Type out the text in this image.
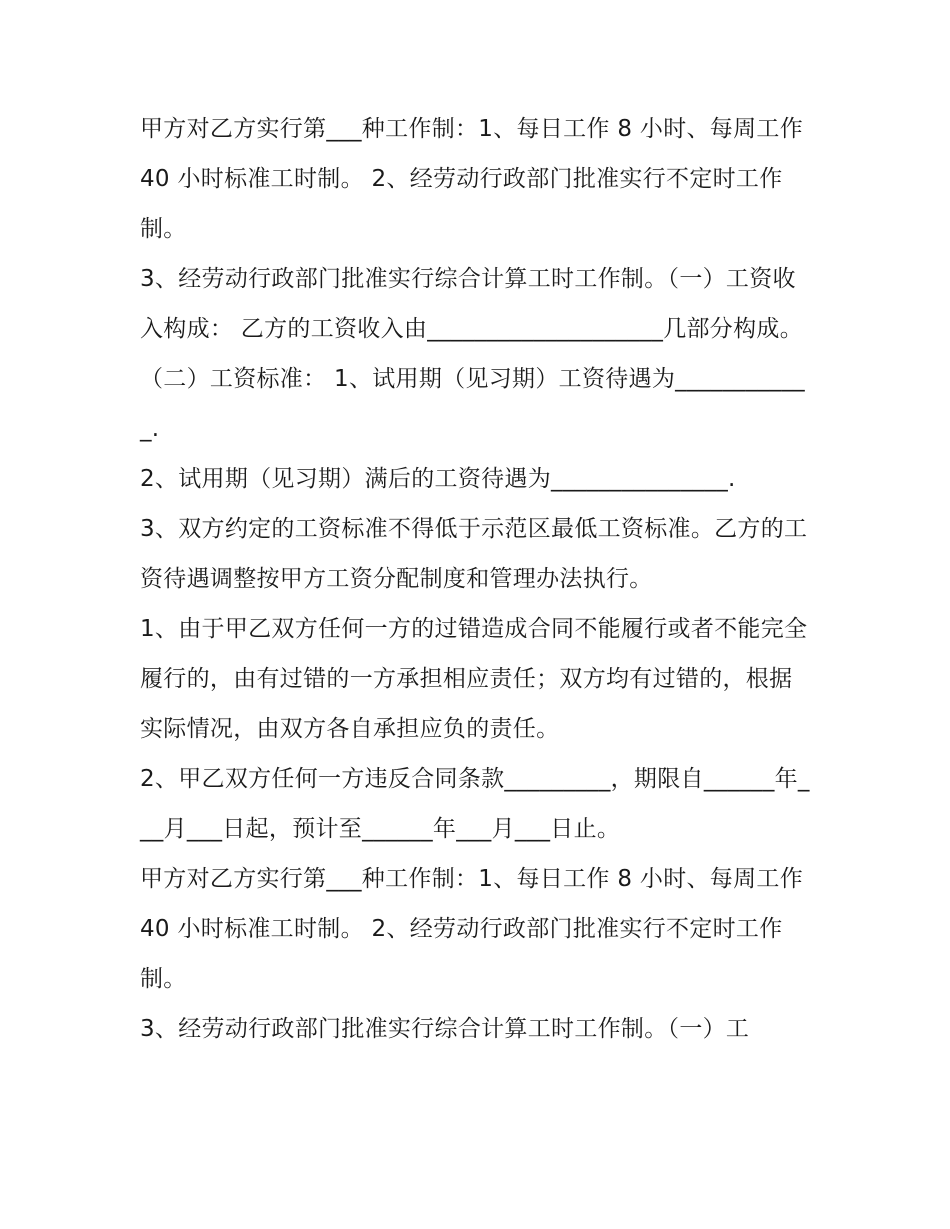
甲方对乙方实行第___种工作制：1、每日工作 8 小时、每周工作 40 小时标准工时制。 2、经劳动行政部门批准实行不定时工作制。

3、经劳动行政部门批准实行综合计算工时工作制。（一）工资收入构成： 乙方的工资收入由____________________几部分构成。

（二）工资标准： 1、试用期（见习期）工资待遇为____________.

2、试用期（见习期）满后的工资待遇为_______________.

3、双方约定的工资标准不得低于示范区最低工资标准。乙方的工资待遇调整按甲方工资分配制度和管理办法执行。

1、由于甲乙双方任何一方的过错造成合同不能履行或者不能完全履行的，由有过错的一方承担相应责任；双方均有过错的，根据实际情况，由双方各自承担应负的责任。

2、甲乙双方任何一方违反合同条款_________，期限自______年___月___日起，预计至______年___月___日止。

甲方对乙方实行第___种工作制：1、每日工作 8 小时、每周工作 40 小时标准工时制。 2、经劳动行政部门批准实行不定时工作制。

3、经劳动行政部门批准实行综合计算工时工作制。（一）工
